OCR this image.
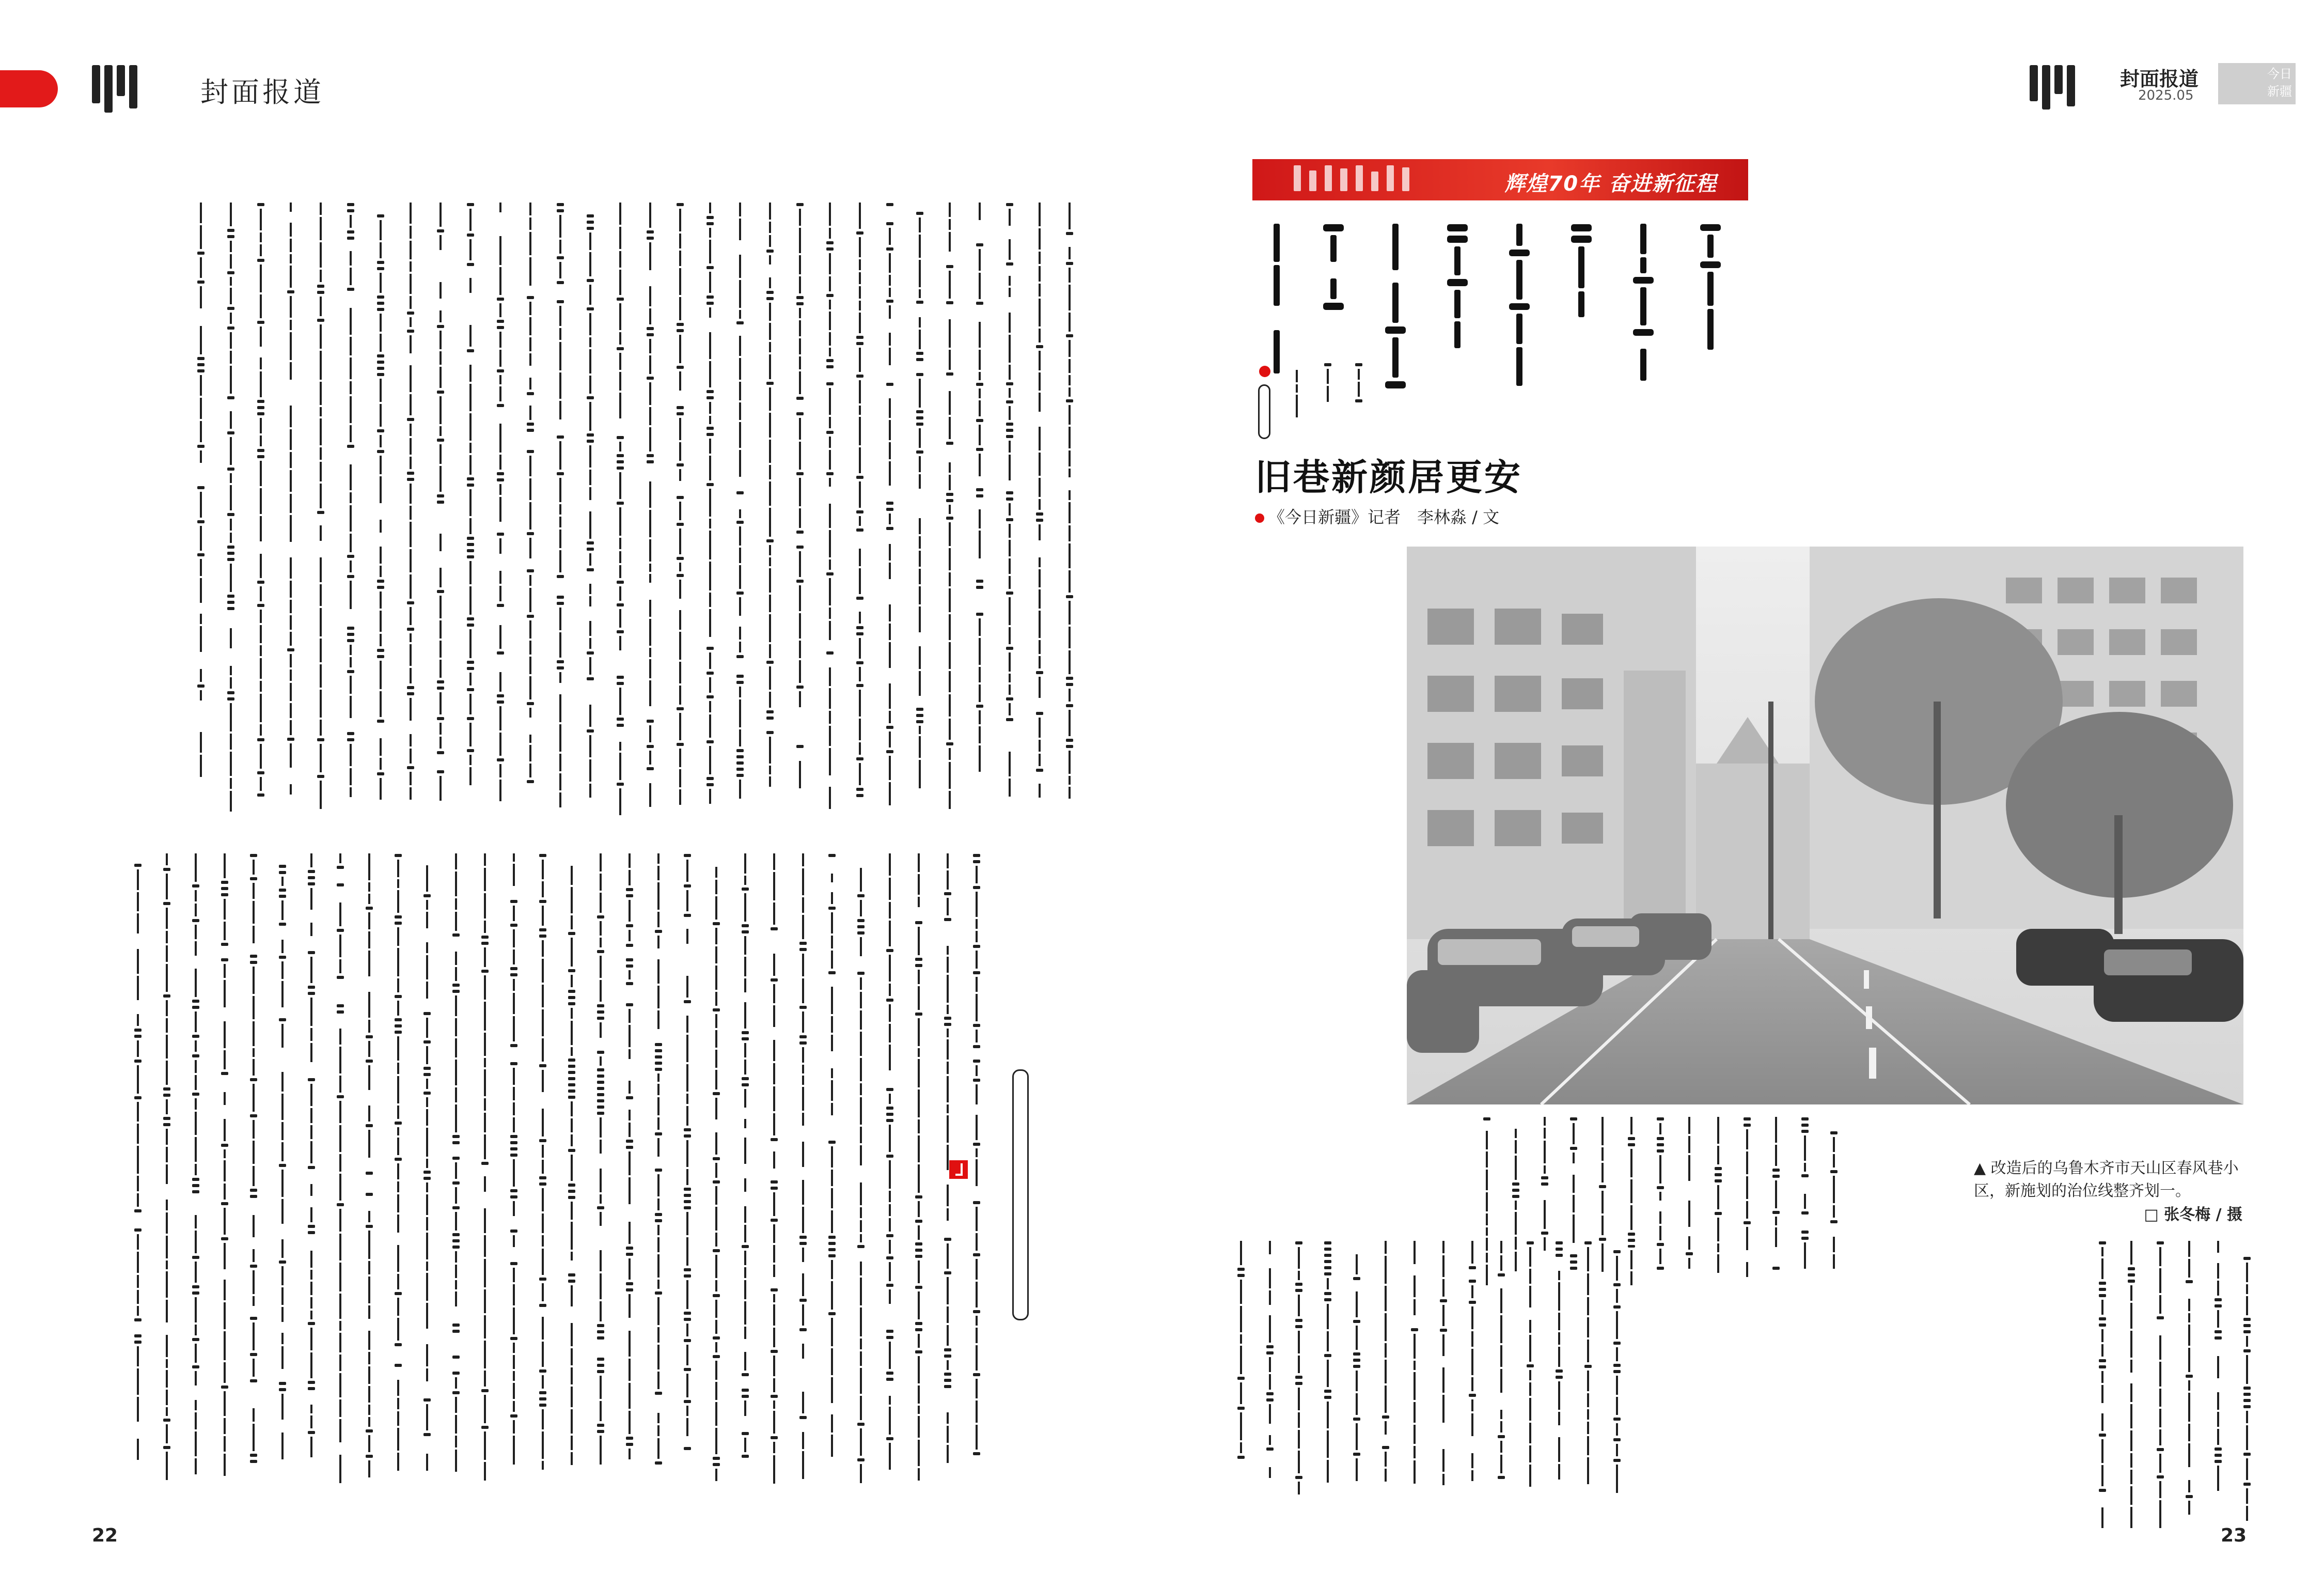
封面报道
22
封面报道
2025.05
今日新疆
辉煌70年 奋进新征程
旧巷新颜居更安
《今日新疆》记者　李林淼 / 文
▲ 改造后的乌鲁木齐市天山区春风巷小区，新施划的治位线整齐划一。
□ 张冬梅 / 摄
23
